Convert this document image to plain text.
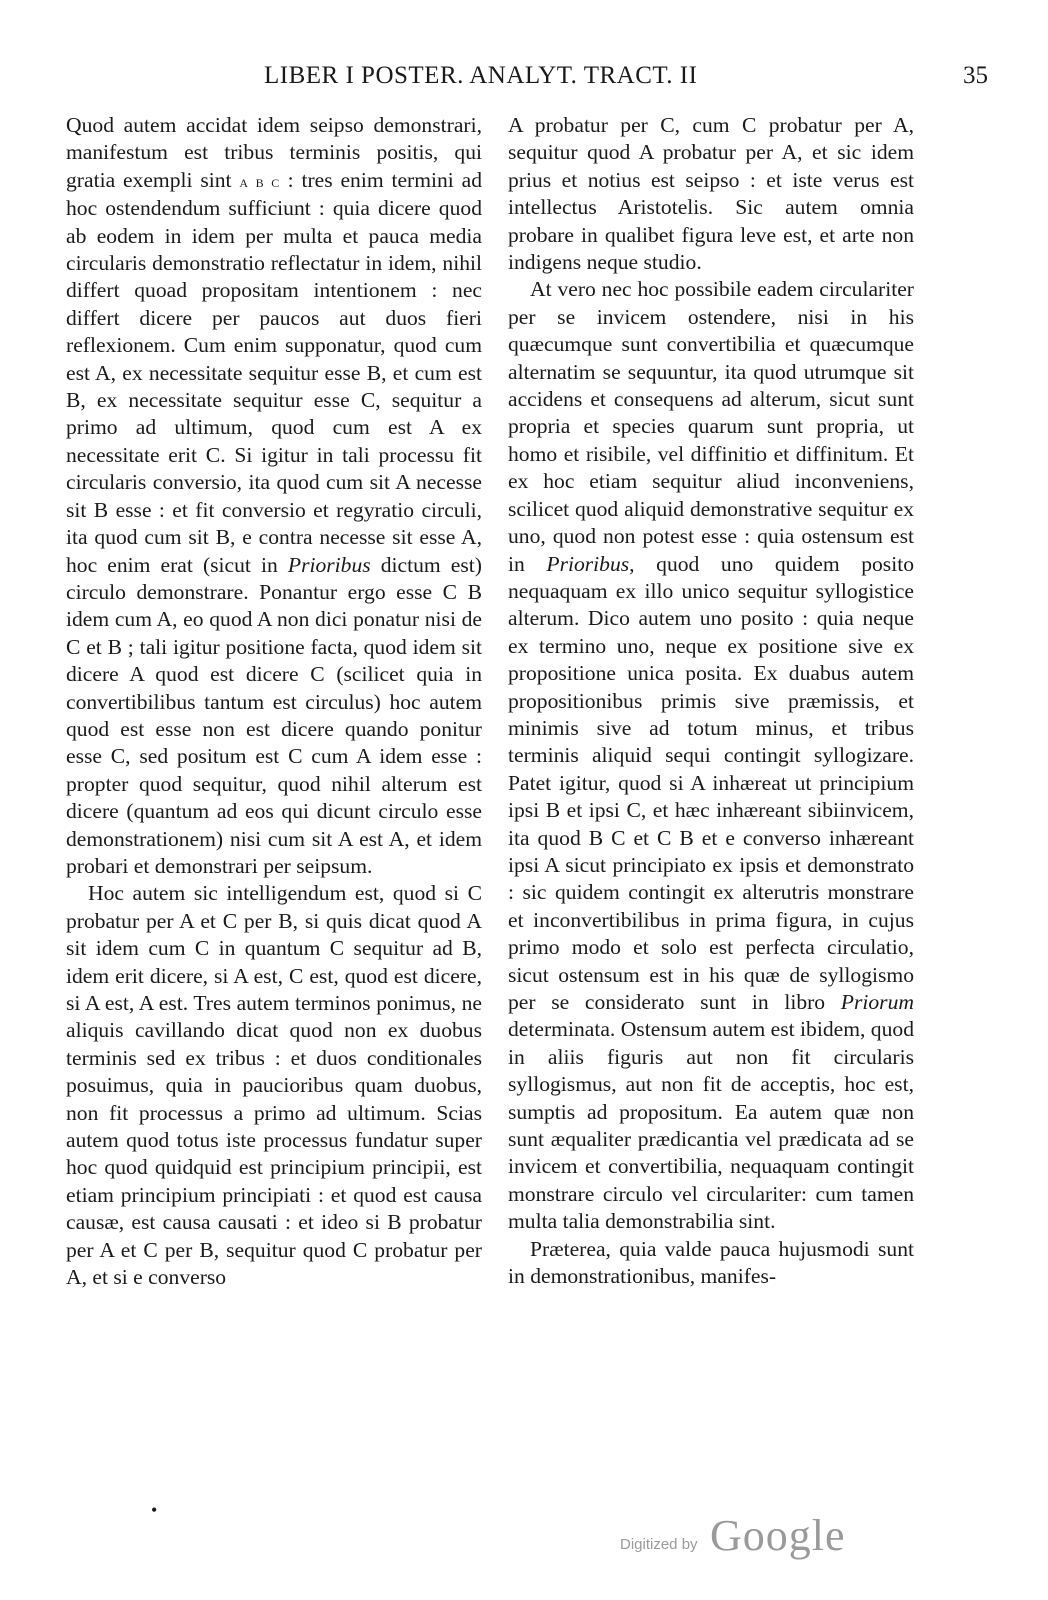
LIBER I POSTER. ANALYT. TRACT. II	35

Quod autem accidat idem seipso demonstrari, manifestum est tribus terminis positis, qui gratia exempli sint a b c : tres enim termini ad hoc ostendendum sufficiunt : quia dicere quod ab eodem in idem per multa et pauca media circularis demonstratio reflectatur in idem, nihil differt quoad propositam intentionem : nec differt dicere per paucos aut duos fieri reflexionem. Cum enim supponatur, quod cum est A, ex necessitate sequitur esse B, et cum est B, ex necessitate sequitur esse C, sequitur a primo ad ultimum, quod cum est A ex necessitate erit C. Si igitur in tali processu fit circularis conversio, ita quod cum sit A necesse sit B esse : et fit conversio et regyratio circuli, ita quod cum sit B, e contra necesse sit esse A, hoc enim erat (sicut in Prioribus dictum est) circulo demonstrare. Ponantur ergo esse C B idem cum A, eo quod A non dici ponatur nisi de C et B ; tali igitur positione facta, quod idem sit dicere A quod est dicere C (scilicet quia in convertibilibus tantum est circulus) hoc autem quod est esse non est dicere quando ponitur esse C, sed positum est C cum A idem esse : propter quod sequitur, quod nihil alterum est dicere (quantum ad eos qui dicunt circulo esse demonstrationem) nisi cum sit A est A, et idem probari et demonstrari per seipsum.

Hoc autem sic intelligendum est, quod si C probatur per A et C per B, si quis dicat quod A sit idem cum C in quantum C sequitur ad B, idem erit dicere, si A est, C est, quod est dicere, si A est, A est. Tres autem terminos ponimus, ne aliquis cavillando dicat quod non ex duobus terminis sed ex tribus : et duos conditionales posuimus, quia in paucioribus quam duobus, non fit processus a primo ad ultimum. Scias autem quod totus iste processus fundatur super hoc quod quidquid est principium principii, est etiam principium principiati : et quod est causa causæ, est causa causati : et ideo si B probatur per A et C per B, sequitur quod C probatur per A, et si e converso

A probatur per C, cum C probatur per A, sequitur quod A probatur per A, et sic idem prius et notius est seipso : et iste verus est intellectus Aristotelis. Sic autem omnia probare in qualibet figura leve est, et arte non indigens neque studio.

At vero nec hoc possibile eadem circulariter per se invicem ostendere, nisi in his quæcumque sunt convertibilia et quæcumque alternatim se sequuntur, ita quod utrumque sit accidens et consequens ad alterum, sicut sunt propria et species quarum sunt propria, ut homo et risibile, vel diffinitio et diffinitum. Et ex hoc etiam sequitur aliud inconveniens, scilicet quod aliquid demonstrative sequitur ex uno, quod non potest esse : quia ostensum est in Prioribus, quod uno quidem posito nequaquam ex illo unico sequitur syllogistice alterum. Dico autem uno posito : quia neque ex termino uno, neque ex positione sive ex propositione unica posita. Ex duabus autem propositionibus primis sive præmissis, et minimis sive ad totum minus, et tribus terminis aliquid sequi contingit syllogizare. Patet igitur, quod si A inhæreat ut principium ipsi B et ipsi C, et hæc inhæreant sibiinvicem, ita quod B C et C B et e converso inhæreant ipsi A sicut principiato ex ipsis et demonstrato : sic quidem contingit ex alterutris monstrare et inconvertibilibus in prima figura, in cujus primo modo et solo est perfecta circulatio, sicut ostensum est in his quæ de syllogismo per se considerato sunt in libro Priorum determinata. Ostensum autem est ibidem, quod in aliis figuris aut non fit circularis syllogismus, aut non fit de acceptis, hoc est, sumptis ad propositum. Ea autem quæ non sunt æqualiter prædicantia vel prædicata ad se invicem et convertibilia, nequaquam contingit monstrare circulo vel circulariter: cum tamen multa talia demonstrabilia sint.

Præterea, quia valde pauca hujusmodi sunt in demonstrationibus, manifes-

•
Digitized by Google
